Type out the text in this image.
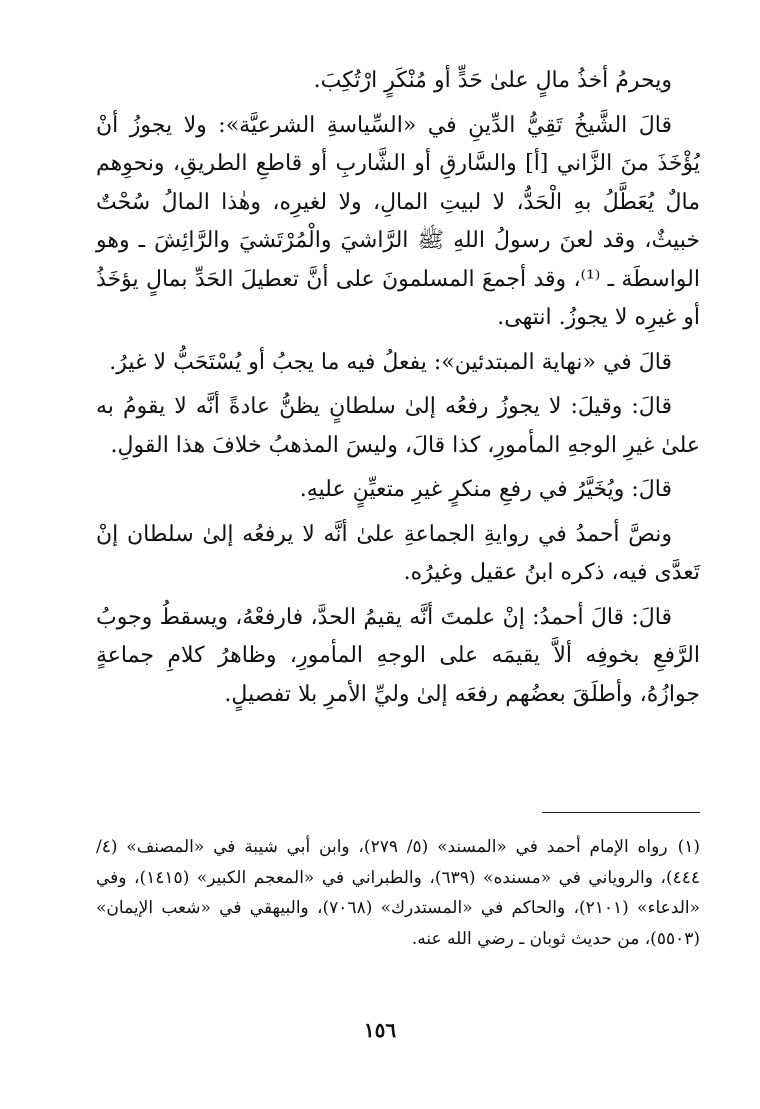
ويحرمُ أخذُ مالٍ علىٰ حَدٍّ أو مُنْكَرٍ ارْتُكِبَ.

قالَ الشَّيخُ تَقِيُّ الدِّينِ في «السِّياسةِ الشرعيَّة»: ولا يجوزُ أنْ يُؤْخَذَ منَ الزَّاني [أ] والسَّارقِ أو الشَّاربِ أو قاطعِ الطريقِ، ونحوِهم مالٌ يُعَطَّلُ بهِ الْحَدُّ، لا لبيتِ المالِ، ولا لغيرِه، وهٰذا المالُ سُحْتٌ خبيثٌ، وقد لعنَ رسولُ اللهِ ﷺ الرَّاشيَ والْمُرْتَشيَ والرَّائِشَ ـ وهو الواسطَة ـ ⁽¹⁾، وقد أجمعَ المسلمونَ على أنَّ تعطيلَ الحَدِّ بمالٍ يؤخَذُ أو غيرِه لا يجوزُ. انتهى.

قالَ في «نهاية المبتدئين»: يفعلُ فيه ما يجبُ أو يُسْتَحَبُّ لا غيرُ.

قالَ: وقيلَ: لا يجوزُ رفعُه إلىٰ سلطانٍ يظنُّ عادةً أنَّه لا يقومُ به علىٰ غيرِ الوجهِ المأمورِ، كذا قالَ، وليسَ المذهبُ خلافَ هذا القولِ.

قالَ: ويُخَيَّرُ في رفعِ منكرٍ غيرِ متعيِّنٍ عليهِ.

ونصَّ أحمدُ في روايةِ الجماعةِ علىٰ أنَّه لا يرفعُه إلىٰ سلطان إنْ تَعدَّى فيه، ذكره ابنُ عقيل وغيرُه.

قالَ: قالَ أحمدُ: إنْ علمتَ أنَّه يقيمُ الحدَّ، فارفعْهُ، ويسقطُ وجوبُ الرَّفعِ بخوفِه ألاَّ يقيمَه على الوجهِ المأمورِ، وظاهرُ كلامِ جماعةٍ جوازُهُ، وأطلَقَ بعضُهم رفعَه إلىٰ وليِّ الأمرِ بلا تفصيلٍ.

(١)رواه الإمام أحمد في «المسند» (٥/ ٢٧٩)، وابن أبي شيبة في «المصنف» (٤/ ٤٤٤)، والروياني في «مسنده» (٦٣٩)، والطبراني في «المعجم الكبير» (١٤١٥)، وفي «الدعاء» (٢١٠١)، والحاكم في «المستدرك» (٧٠٦٨)، والبيهقي في «شعب الإيمان» (٥٥٠٣)، من حديث ثوبان ـ رضي الله عنه.
١٥٦
